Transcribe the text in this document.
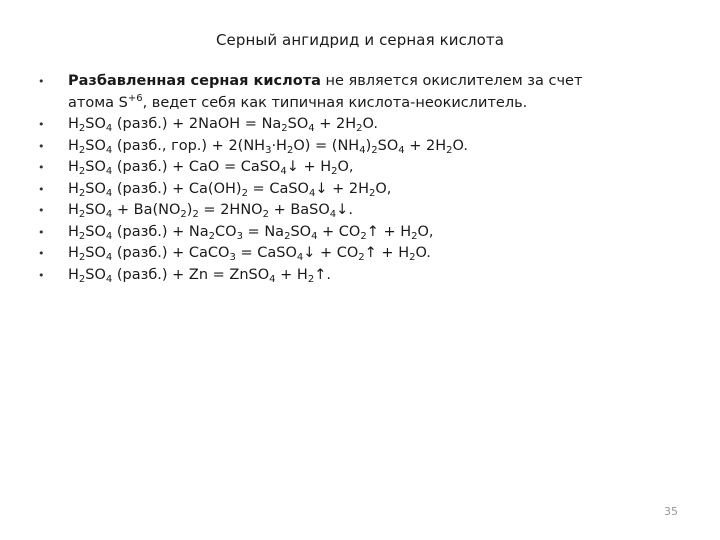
Серный ангидрид и серная кислота
• Разбавленная серная кислота не является окислителем за счет
атома $S^{+6}$, ведет себя как типичная кислота-неокислитель.
• $H_2SO_4$ (разб.) + 2NaOH = $Na_2SO_4 + 2H_2O$.
• $H_2SO_4$ (разб., $гор.) + 2(NH_3\cdot H_2O) = (NH_4)_2SO_4 + 2H_2O$.
• $H_2SO_4$ (разб.) + CaO = CaSO$_4$↓ + $H_2O$,
• $H_2SO_4$ (разб.) + $Ca(OH)_2$ = CaSO$_4$↓ + $2H_2O$,
• $H_2SO_4 + Ba(NO_2)_2 = 2HNO_2$ + BaSO$_4$↓.
• $H_2SO_4$ (разб.) + $Na_2CO_3 = Na_2SO_4$ + $CO_2↑ + H_2O$,
• $H_2SO_4$ (разб.) + CaCO$_3$ = CaSO$_4$↓ + $CO_2↑ + H_2O$.
• $H_2SO_4$ (разб.) + Zn = ZnSO$_4$ + $H_2↑$.
35
